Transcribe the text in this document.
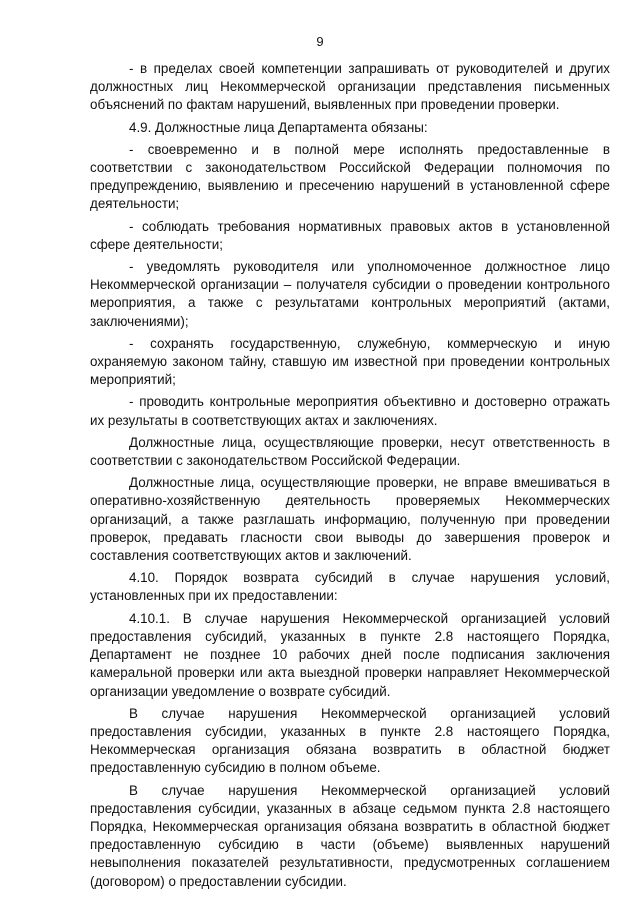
9

- в пределах своей компетенции запрашивать от руководителей и других должностных лиц Некоммерческой организации представления письменных объяснений по фактам нарушений, выявленных при проведении проверки.

4.9. Должностные лица Департамента обязаны:

- своевременно и в полной мере исполнять предоставленные в соответствии с законодательством Российской Федерации полномочия по предупреждению, выявлению и пресечению нарушений в установленной сфере деятельности;

- соблюдать требования нормативных правовых актов в установленной сфере деятельности;

- уведомлять руководителя или уполномоченное должностное лицо Некоммерческой организации – получателя субсидии о проведении контрольного мероприятия, а также с результатами контрольных мероприятий (актами, заключениями);

- сохранять государственную, служебную, коммерческую и иную охраняемую законом тайну, ставшую им известной при проведении контрольных мероприятий;

- проводить контрольные мероприятия объективно и достоверно отражать их результаты в соответствующих актах и заключениях.

Должностные лица, осуществляющие проверки, несут ответственность в соответствии с законодательством Российской Федерации.

Должностные лица, осуществляющие проверки, не вправе вмешиваться в оперативно-хозяйственную деятельность проверяемых Некоммерческих организаций, а также разглашать информацию, полученную при проведении проверок, предавать гласности свои выводы до завершения проверок и составления соответствующих актов и заключений.

4.10. Порядок возврата субсидий в случае нарушения условий, установленных при их предоставлении:

4.10.1. В случае нарушения Некоммерческой организацией условий предоставления субсидий, указанных в пункте 2.8 настоящего Порядка, Департамент не позднее 10 рабочих дней после подписания заключения камеральной проверки или акта выездной проверки направляет Некоммерческой организации уведомление о возврате субсидий.

В случае нарушения Некоммерческой организацией условий предоставления субсидии, указанных в пункте 2.8 настоящего Порядка, Некоммерческая организация обязана возвратить в областной бюджет предоставленную субсидию в полном объеме.

В случае нарушения Некоммерческой организацией условий предоставления субсидии, указанных в абзаце седьмом пункта 2.8 настоящего Порядка, Некоммерческая организация обязана возвратить в областной бюджет предоставленную субсидию в части (объеме) выявленных нарушений невыполнения показателей результативности, предусмотренных соглашением (договором) о предоставлении субсидии.
